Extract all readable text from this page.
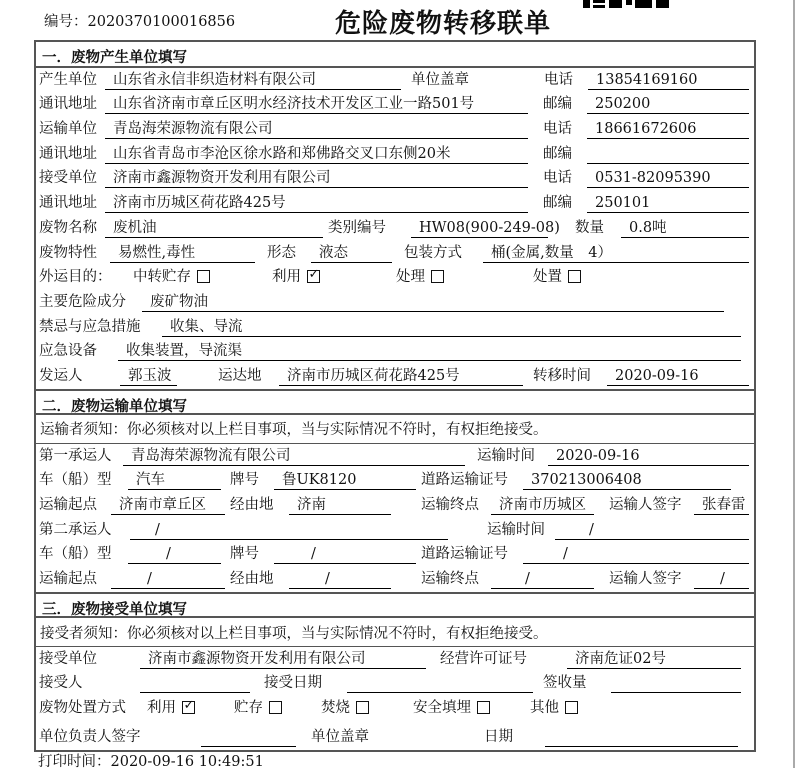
编号：2020370100016856	危险废物转移联单
一．废物产生单位填写
产生单位	山东省永信非织造材料有限公司	单位盖章	电话	13854169160
通讯地址	山东省济南市章丘区明水经济技术开发区工业一路501号	邮编	250200
运输单位	青岛海荣源物流有限公司	电话	18661672606
通讯地址	山东省青岛市李沧区徐水路和郑佛路交叉口东侧20米	邮编
接受单位	济南市鑫源物资开发利用有限公司	电话	0531-82095390
通讯地址	济南市历城区荷花路425号	邮编	250101
废物名称	废机油	类别编号	HW08(900-249-08) 数量	0.8吨
废物特性	易燃性,毒性	形态	液态	包装方式	桶(金属,数量　4）
外运目的：	中转贮存	利用 ✓	处理	处置
主要危险成分	废矿物油
禁忌与应急措施	收集、导流
应急设备	收集装置，导流渠
发运人	郭玉波	运达地	济南市历城区荷花路425号	转移时间	2020-09-16
二．废物运输单位填写
运输者须知：你必须核对以上栏目事项，当与实际情况不符时，有权拒绝接受。
第一承运人	青岛海荣源物流有限公司	运输时间	2020-09-16
车（船）型	汽车	牌号	鲁UK8120	道路运输证号	370213006408
运输起点	济南市章丘区	经由地	济南	运输终点	济南市历城区	运输人签字	张春雷
第二承运人	/	运输时间	/
车（船）型	/	牌号	/	道路运输证号	/
运输起点	/	经由地	/	运输终点	/	运输人签字	/
三．废物接受单位填写
接受者须知：你必须核对以上栏目事项，当与实际情况不符时，有权拒绝接受。
接受单位	济南市鑫源物资开发利用有限公司	经营许可证号	济南危证02号
接受人	接受日期	签收量
废物处置方式 利用 ✓	贮存	焚烧	安全填埋	其他
单位负责人签字	单位盖章	日期
打印时间：2020-09-16 10:49:51
